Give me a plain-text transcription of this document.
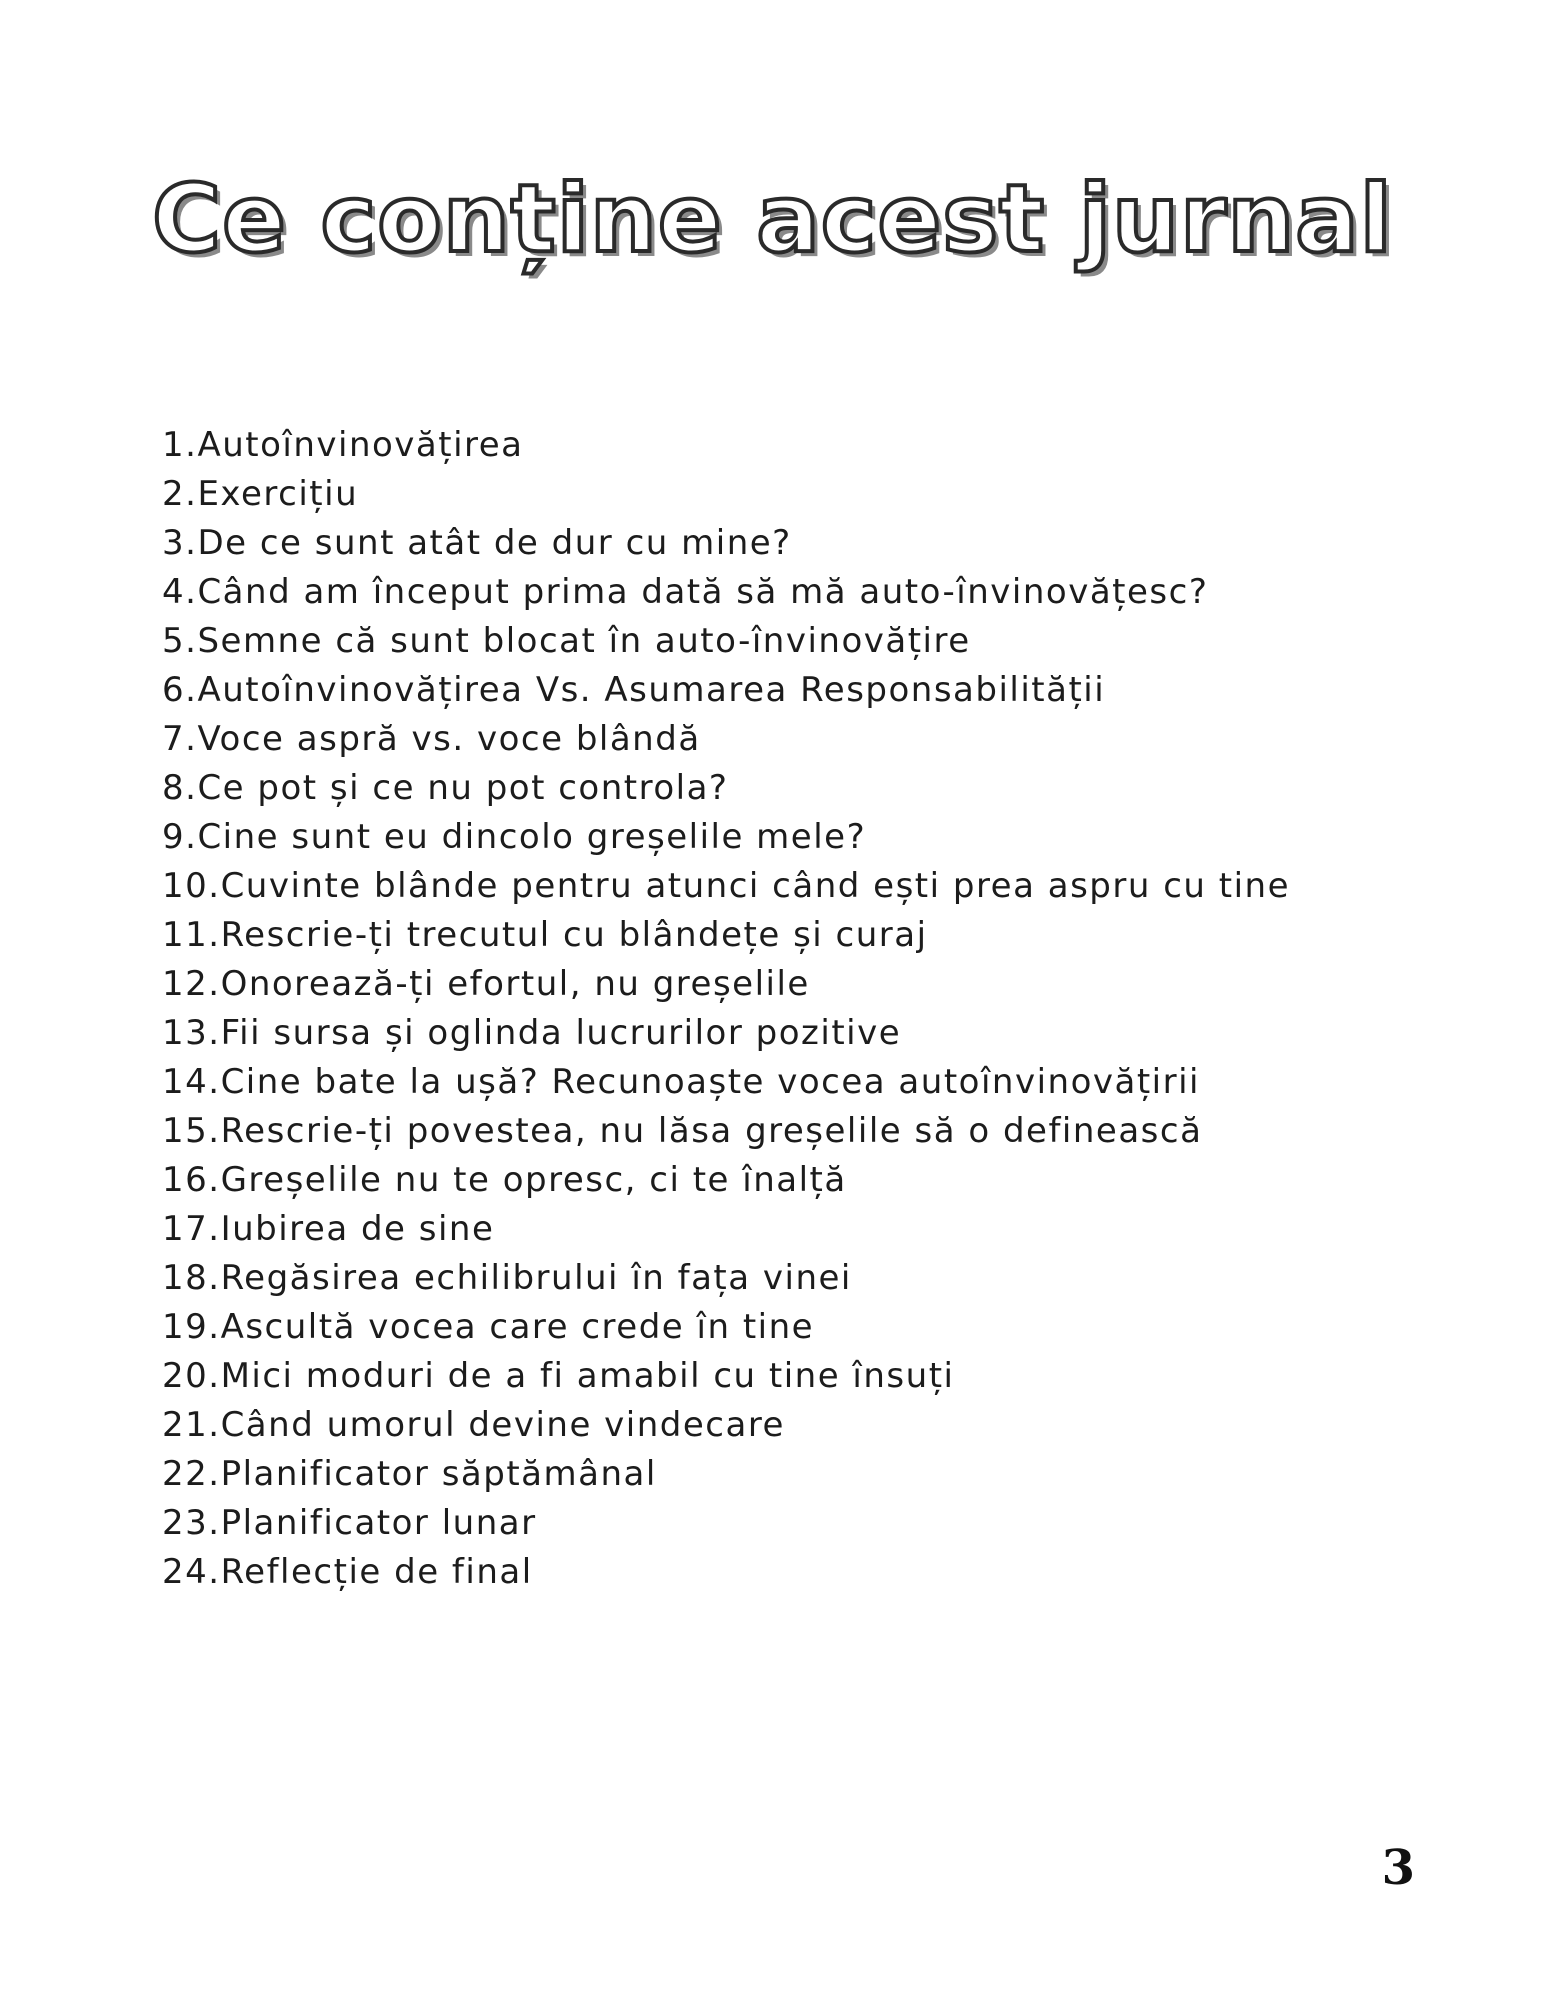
Ce conține acest jurnal
1.Autoînvinovățirea
2.Exercițiu
3.De ce sunt atât de dur cu mine?
4.Când am început prima dată să mă auto-învinovățesc?
5.Semne că sunt blocat în auto-învinovățire
6.Autoînvinovățirea Vs. Asumarea Responsabilității
7.Voce aspră vs. voce blândă
8.Ce pot și ce nu pot controla?
9.Cine sunt eu dincolo greșelile mele?
10.Cuvinte blânde pentru atunci când ești prea aspru cu tine
11.Rescrie-ți trecutul cu blândețe și curaj
12.Onorează-ți efortul, nu greșelile
13.Fii sursa și oglinda lucrurilor pozitive
14.Cine bate la ușă? Recunoaște vocea autoînvinovățirii
15.Rescrie-ți povestea, nu lăsa greșelile să o definească
16.Greșelile nu te opresc, ci te înalță
17.Iubirea de sine
18.Regăsirea echilibrului în fața vinei
19.Ascultă vocea care crede în tine
20.Mici moduri de a fi amabil cu tine însuți
21.Când umorul devine vindecare
22.Planificator săptămânal
23.Planificator lunar
24.Reflecție de final
3
